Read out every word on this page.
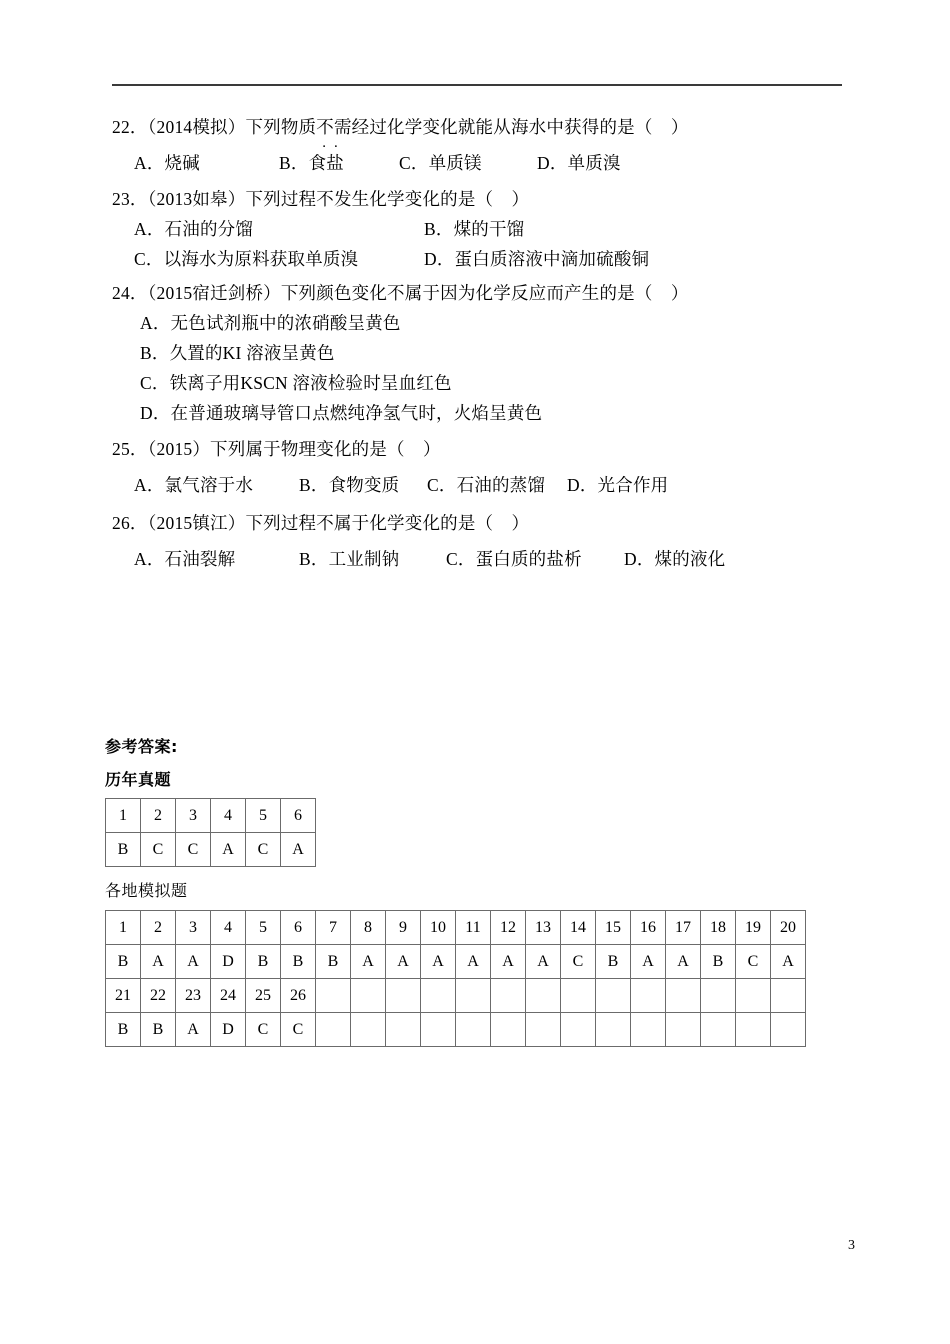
22．（2014模拟）下列物质不需 ..经过化学变化就能从海水中获得的是（    ）
A．烧碱	B．食盐	C．单质镁	D．单质溴
23．（2013如皋）下列过程不发生化学变化的是（    ）
A．石油的分馏	B．煤的干馏
C．以海水为原料获取单质溴	D．蛋白质溶液中滴加硫酸铜
24．（2015宿迁剑桥）下列颜色变化不属于因为化学反应而产生的是（    ）
A．无色试剂瓶中的浓硝酸呈黄色
B．久置的KI 溶液呈黄色
C．铁离子用KSCN 溶液检验时呈血红色
D．在普通玻璃导管口点燃纯净氢气时，火焰呈黄色
25．（2015）下列属于物理变化的是（    ）
A．氯气溶于水	B．食物变质 C．石油的蒸馏 D．光合作用
26．（2015镇江）下列过程不属于化学变化的是（    ）
A．石油裂解	B．工业制钠	C．蛋白质的盐析 D．煤的液化
参考答案:
历年真题
1	2	3	4	5	6
B	C	C	A	C	A
各地模拟题
1	2	3	4	5	6	7	8	9	10	11	12	13	14	15	16	17	18	19	20
B	A	A	D	B	B	B	A	A	A	A	A	A	C	B	A	A	B	C	A
21	22	23	24	25	26														
B	B	A	D	C	C														
3
